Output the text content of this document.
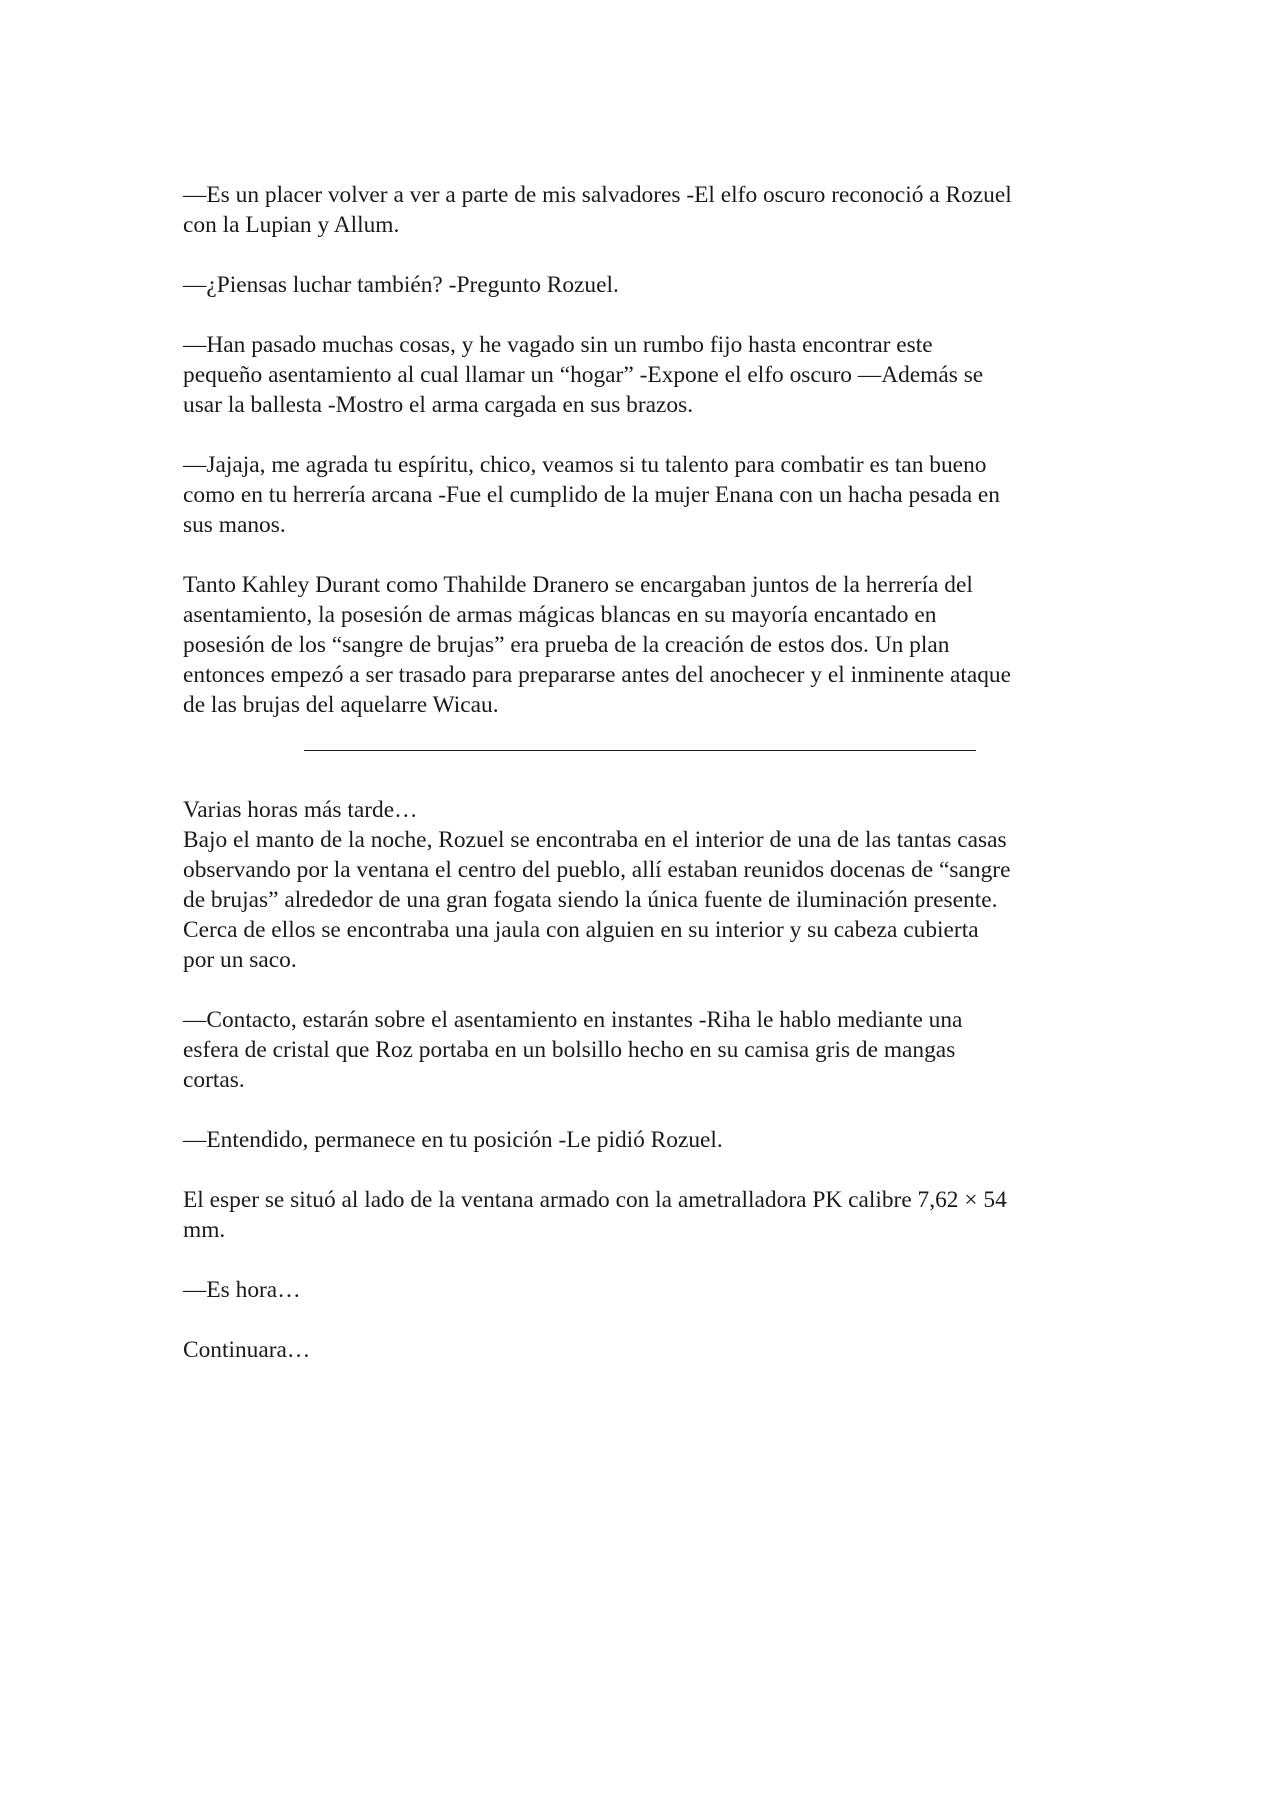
—Es un placer volver a ver a parte de mis salvadores -El elfo oscuro reconoció a Rozuel
con la Lupian y Allum.

—¿Piensas luchar también? -Pregunto Rozuel.

—Han pasado muchas cosas, y he vagado sin un rumbo fijo hasta encontrar este
pequeño asentamiento al cual llamar un “hogar” -Expone el elfo oscuro —Además se
usar la ballesta -Mostro el arma cargada en sus brazos.

—Jajaja, me agrada tu espíritu, chico, veamos si tu talento para combatir es tan bueno
como en tu herrería arcana -Fue el cumplido de la mujer Enana con un hacha pesada en
sus manos.

Tanto Kahley Durant como Thahilde Dranero se encargaban juntos de la herrería del
asentamiento, la posesión de armas mágicas blancas en su mayoría encantado en
posesión de los “sangre de brujas” era prueba de la creación de estos dos. Un plan
entonces empezó a ser trasado para prepararse antes del anochecer y el inminente ataque
de las brujas del aquelarre Wicau.

Varias horas más tarde…

Bajo el manto de la noche, Rozuel se encontraba en el interior de una de las tantas casas
observando por la ventana el centro del pueblo, allí estaban reunidos docenas de “sangre
de brujas” alrededor de una gran fogata siendo la única fuente de iluminación presente.
Cerca de ellos se encontraba una jaula con alguien en su interior y su cabeza cubierta
por un saco.

—Contacto, estarán sobre el asentamiento en instantes -Riha le hablo mediante una
esfera de cristal que Roz portaba en un bolsillo hecho en su camisa gris de mangas
cortas.

—Entendido, permanece en tu posición -Le pidió Rozuel.

El esper se situó al lado de la ventana armado con la ametralladora PK calibre 7,62 × 54
mm.

—Es hora…

Continuara…
